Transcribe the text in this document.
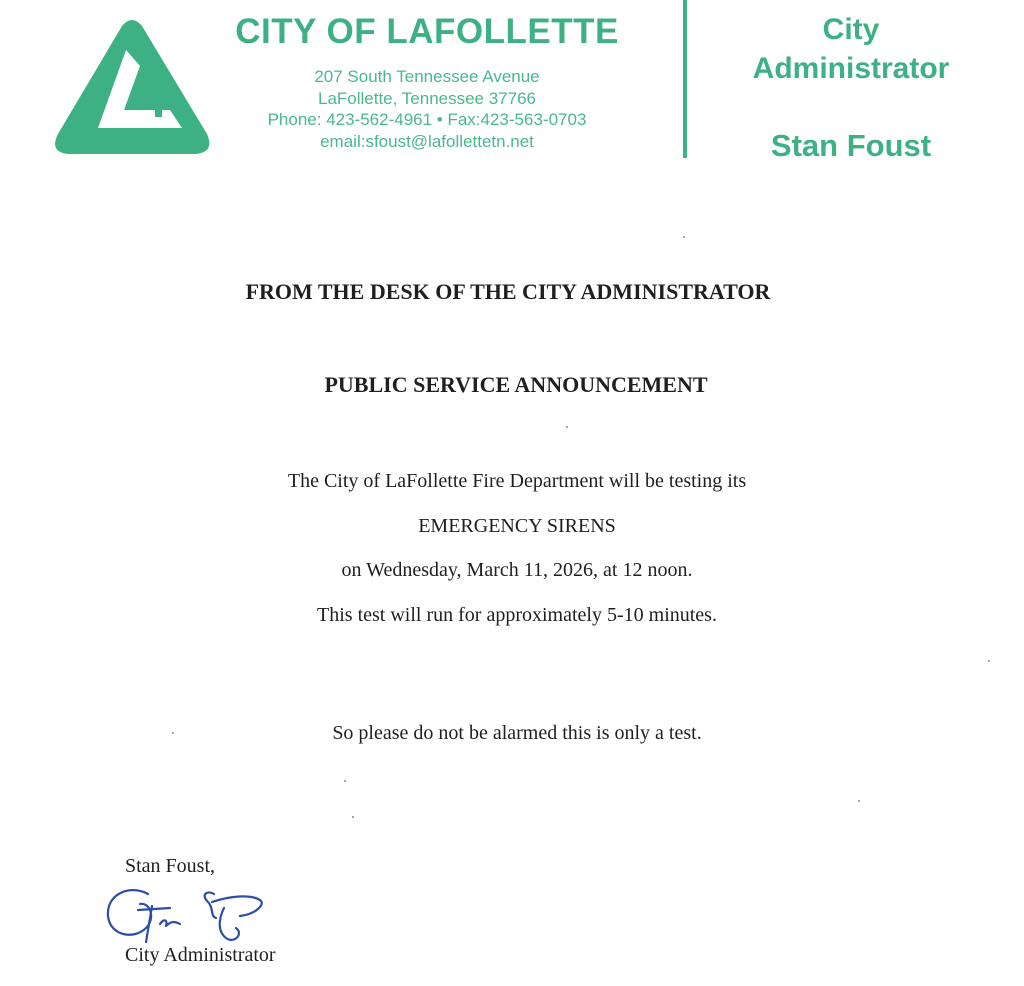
CITY OF LAFOLLETTE
207 South Tennessee Avenue
LaFollette, Tennessee 37766
Phone: 423-562-4961 • Fax:423-563-0703
email:sfoust@lafollettetn.net
City Administrator
Stan Foust
FROM THE DESK OF THE CITY ADMINISTRATOR
PUBLIC SERVICE ANNOUNCEMENT
The City of LaFollette Fire Department will be testing its
EMERGENCY SIRENS
on Wednesday, March 11, 2026, at 12 noon.
This test will run for approximately 5-10 minutes.
So please do not be alarmed this is only a test.
Stan Foust,
City Administrator
